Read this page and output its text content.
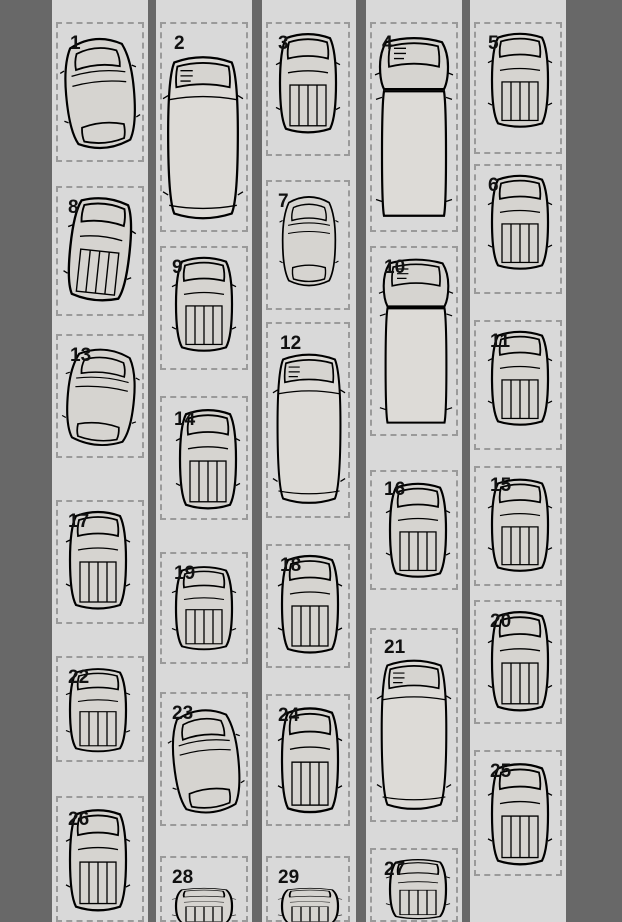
1	2	3	4	5
6
7
8
9	10
11
12
13
14
15
16
17
18
19
20
21
22
23	24
25
26
27
28	29
